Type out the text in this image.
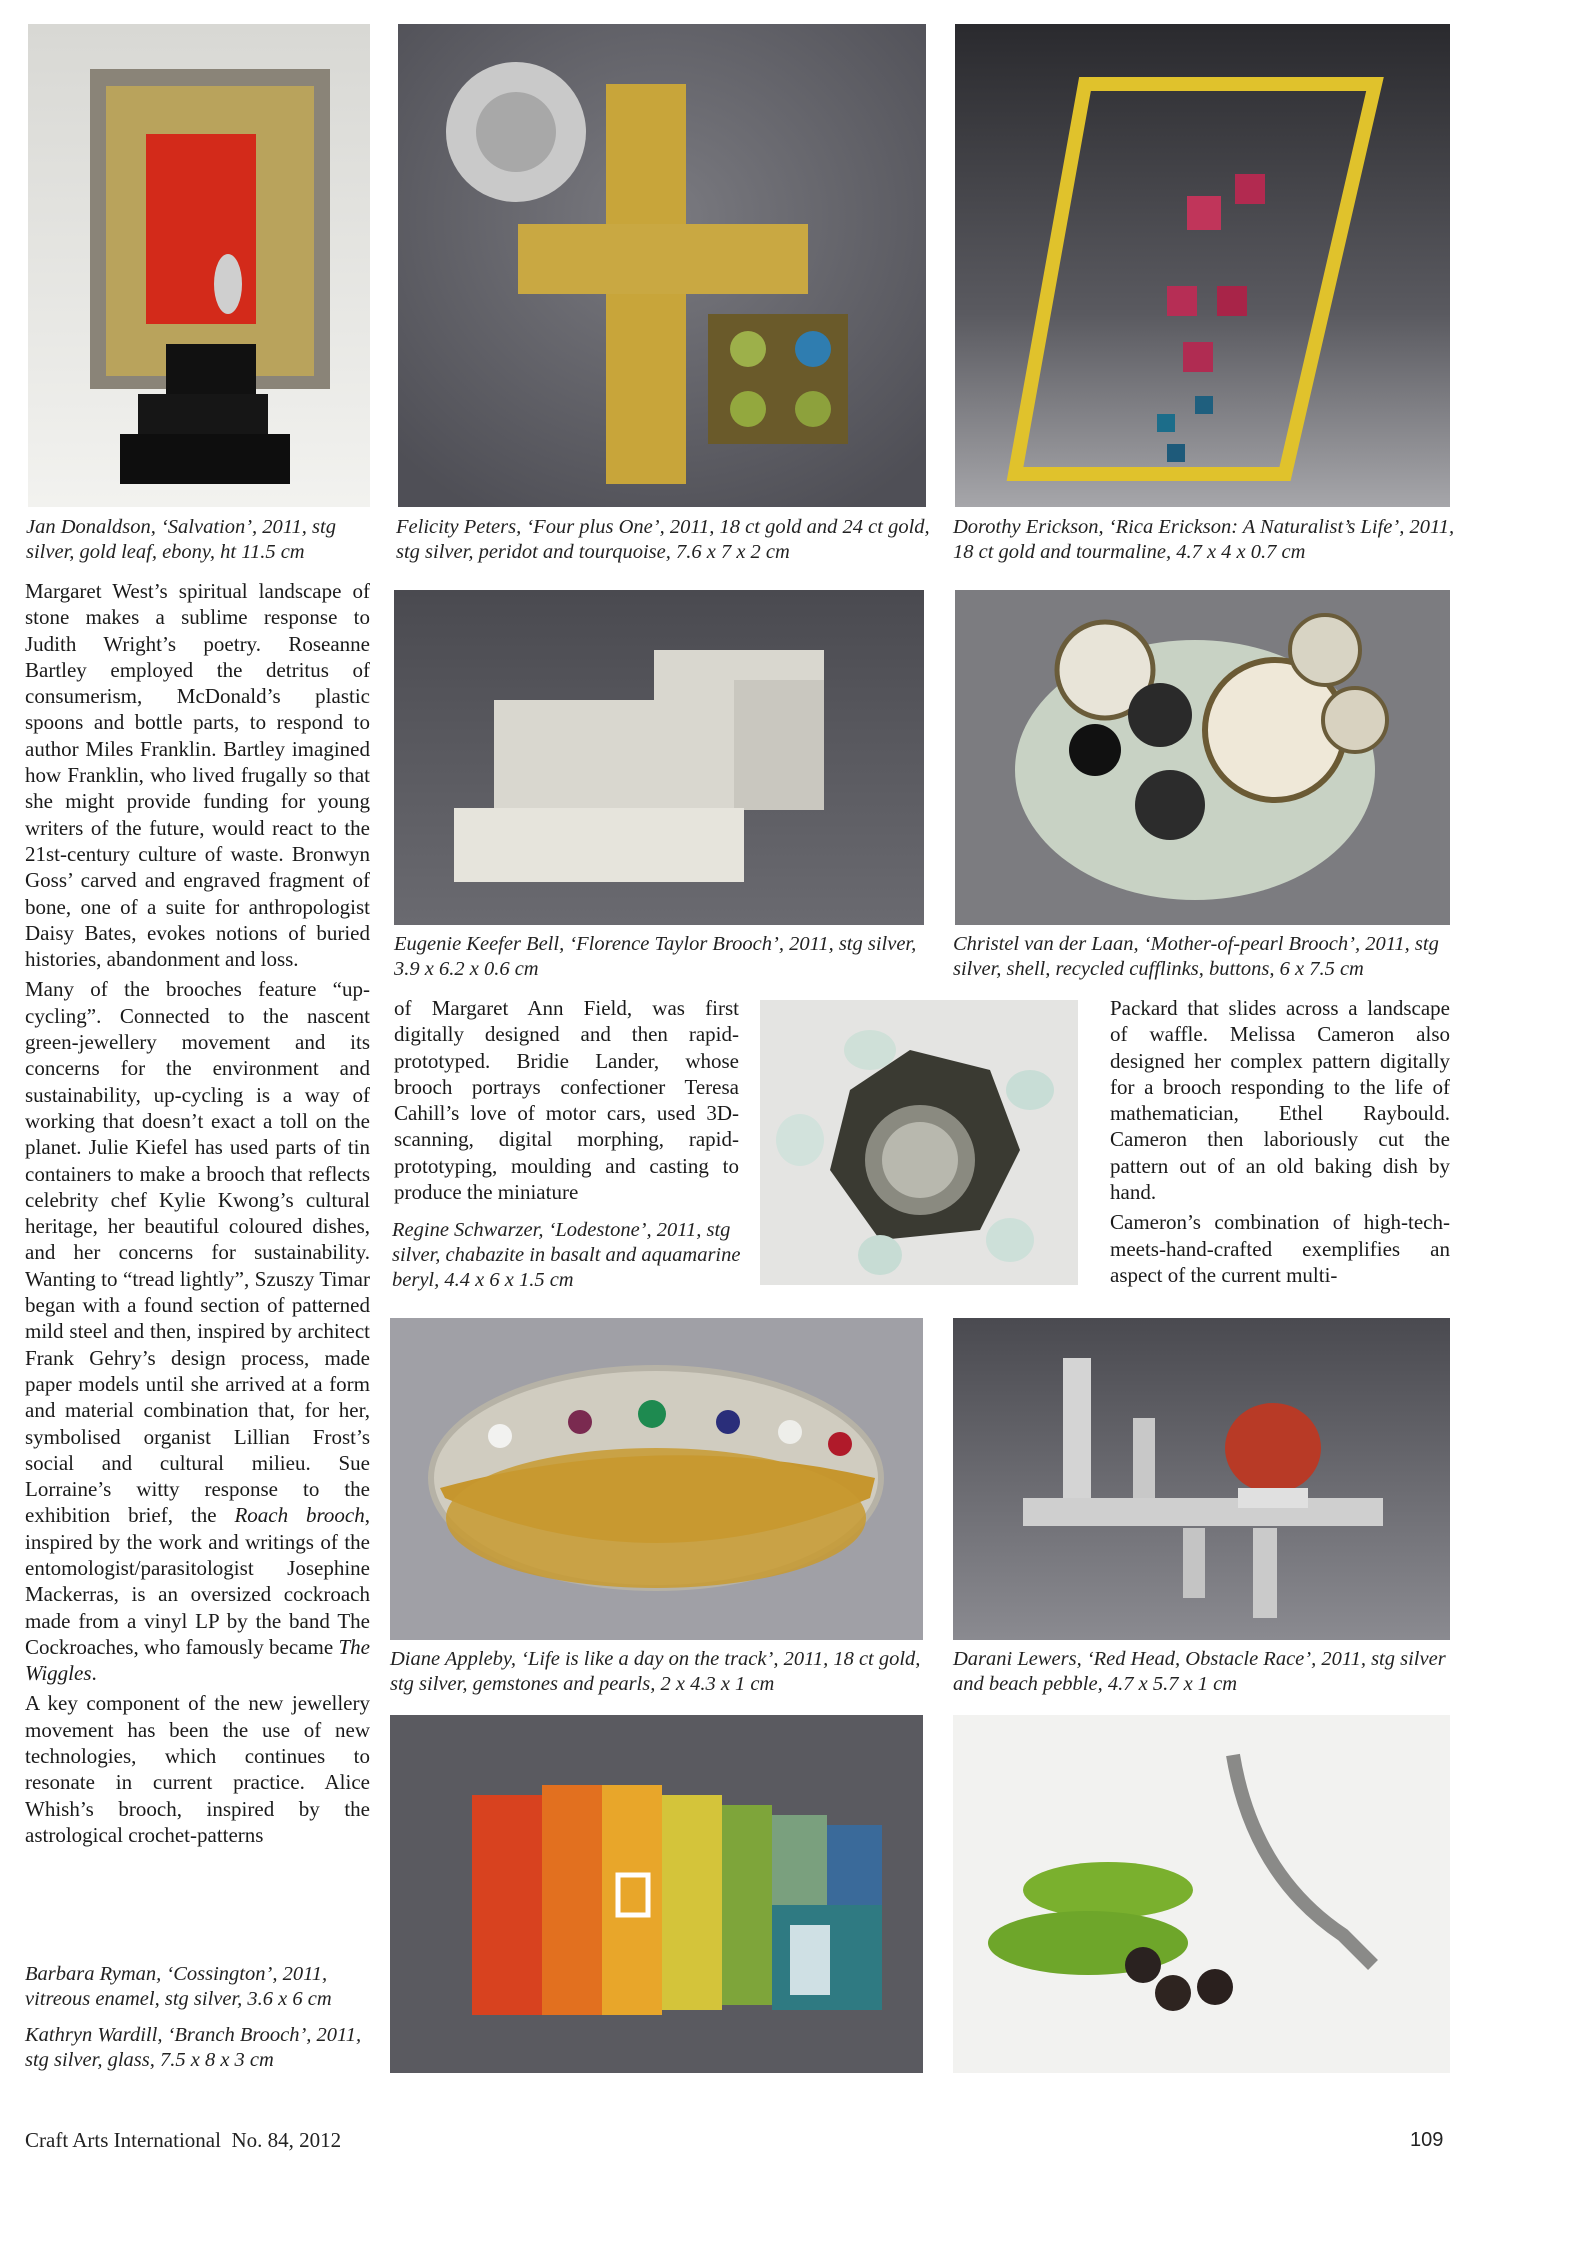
Jan Donaldson, ‘Salvation’, 2011, stg silver, gold leaf, ebony, ht 11.5 cm
Felicity Peters, ‘Four plus One’, 2011, 18 ct gold and 24 ct gold, stg silver, peridot and tourquoise, 7.6 x 7 x 2 cm
Dorothy Erickson, ‘Rica Erickson: A Naturalist’s Life’, 2011, 18 ct gold and tourmaline, 4.7 x 4 x 0.7 cm

Margaret West’s spiritual landscape of stone makes a sublime response to Judith Wright’s poetry. Roseanne Bartley employed the detritus of consumerism, McDonald’s plastic spoons and bottle parts, to respond to author Miles Franklin. Bartley imagined how Franklin, who lived frugally so that she might provide funding for young writers of the future, would react to the 21st-century culture of waste. Bronwyn Goss’ carved and engraved fragment of bone, one of a suite for anthropologist Daisy Bates, evokes notions of buried histories, abandonment and loss.

Many of the brooches feature “up-cycling”. Connected to the nascent green-jewellery movement and its concerns for the environment and sustainability, up-cycling is a way of working that doesn’t exact a toll on the planet. Julie Kiefel has used parts of tin containers to make a brooch that reflects celebrity chef Kylie Kwong’s cultural heritage, her beautiful coloured dishes, and her concerns for sustainability. Wanting to “tread lightly”, Szuszy Timar began with a found section of patterned mild steel and then, inspired by architect Frank Gehry’s design process, made paper models until she arrived at a form and material combination that, for her, symbolised organist Lillian Frost’s social and cultural milieu. Sue Lorraine’s witty response to the exhibition brief, the Roach brooch, inspired by the work and writings of the entomologist/parasitologist Josephine Mackerras, is an oversized cockroach made from a vinyl LP by the band The Cockroaches, who famously became The Wiggles.

A key component of the new jewellery movement has been the use of new technologies, which continues to resonate in current practice. Alice Whish’s brooch, inspired by the astrological crochet-patterns

Barbara Ryman, ‘Cossington’, 2011, vitreous enamel, stg silver, 3.6 x 6 cm
Kathryn Wardill, ‘Branch Brooch’, 2011, stg silver, glass, 7.5 x 8 x 3 cm
Eugenie Keefer Bell, ‘Florence Taylor Brooch’, 2011, stg silver, 3.9 x 6.2 x 0.6 cm
Christel van der Laan, ‘Mother-of-pearl Brooch’, 2011, stg silver, shell, recycled cufflinks, buttons, 6 x 7.5 cm

of Margaret Ann Field, was first digitally designed and then rapid-prototyped. Bridie Lander, whose brooch portrays confectioner Teresa Cahill’s love of motor cars, used 3D-scanning, digital morphing, rapid-prototyping, moulding and casting to produce the miniature

Regine Schwarzer, ‘Lodestone’, 2011, stg silver, chabazite in basalt and aquamarine beryl, 4.4 x 6 x 1.5 cm

Packard that slides across a landscape of waffle. Melissa Cameron also designed her complex pattern digitally for a brooch responding to the life of mathematician, Ethel Raybould. Cameron then laboriously cut the pattern out of an old baking dish by hand.

Cameron’s combination of high-tech-meets-hand-crafted exemplifies an aspect of the current multi-

Diane Appleby, ‘Life is like a day on the track’, 2011, 18 ct gold, stg silver, gemstones and pearls, 2 x 4.3 x 1 cm
Darani Lewers, ‘Red Head, Obstacle Race’, 2011, stg silver and beach pebble, 4.7 x 5.7 x 1 cm
Craft Arts International No. 84, 2012	109
